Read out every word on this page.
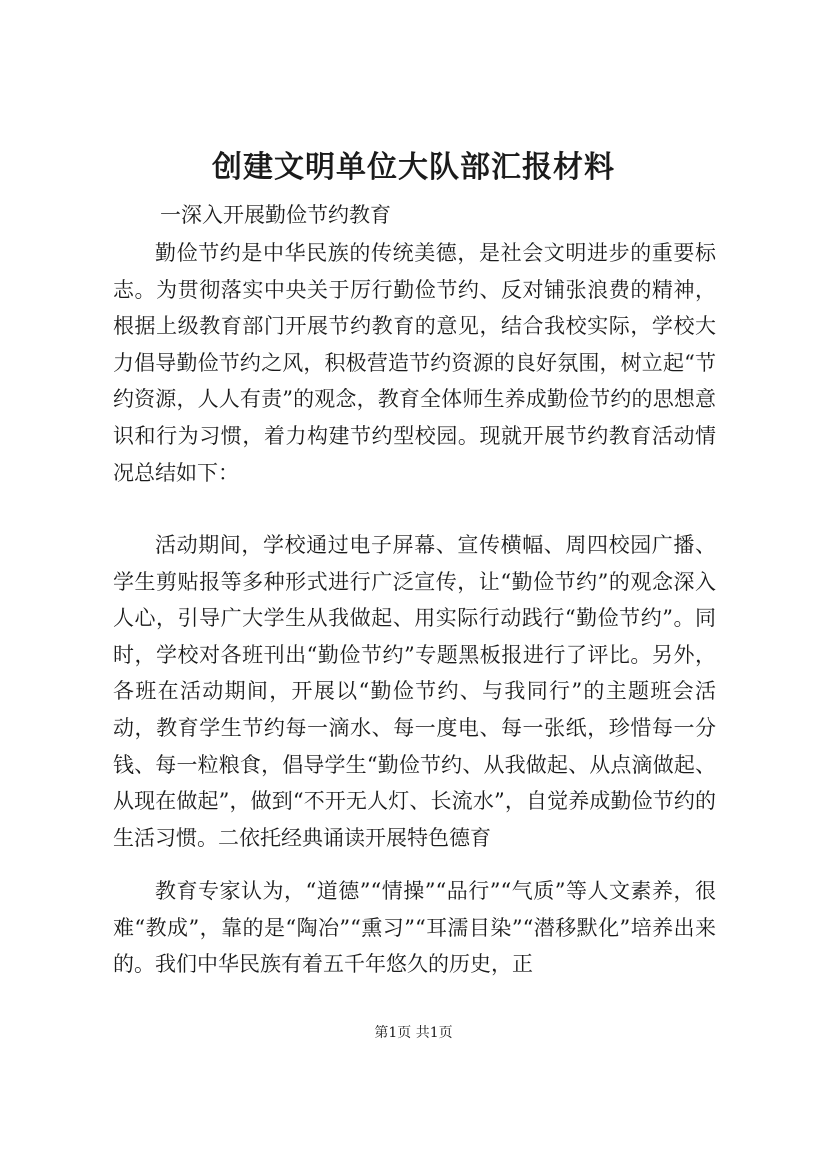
创建文明单位大队部汇报材料

一深入开展勤俭节约教育

勤俭节约是中华民族的传统美德，是社会文明进步的重要标志。为贯彻落实中央关于厉行勤俭节约、反对铺张浪费的精神，根据上级教育部门开展节约教育的意见，结合我校实际，学校大力倡导勤俭节约之风，积极营造节约资源的良好氛围，树立起“节约资源，人人有责”的观念，教育全体师生养成勤俭节约的思想意识和行为习惯，着力构建节约型校园。现就开展节约教育活动情况总结如下：

活动期间，学校通过电子屏幕、宣传横幅、周四校园广播、学生剪贴报等多种形式进行广泛宣传，让“勤俭节约”的观念深入人心，引导广大学生从我做起、用实际行动践行“勤俭节约”。同时，学校对各班刊出“勤俭节约”专题黑板报进行了评比。另外，各班在活动期间，开展以“勤俭节约、与我同行”的主题班会活动，教育学生节约每一滴水、每一度电、每一张纸，珍惜每一分钱、每一粒粮食，倡导学生“勤俭节约、从我做起、从点滴做起、从现在做起”，做到“不开无人灯、长流水”，自觉养成勤俭节约的生活习惯。二依托经典诵读开展特色德育

教育专家认为，“道德”“情操”“品行”“气质”等人文素养，很难“教成”，靠的是“陶冶”“熏习”“耳濡目染”“潜移默化”培养出来的。我们中华民族有着五千年悠久的历史，正

第1页 共1页
